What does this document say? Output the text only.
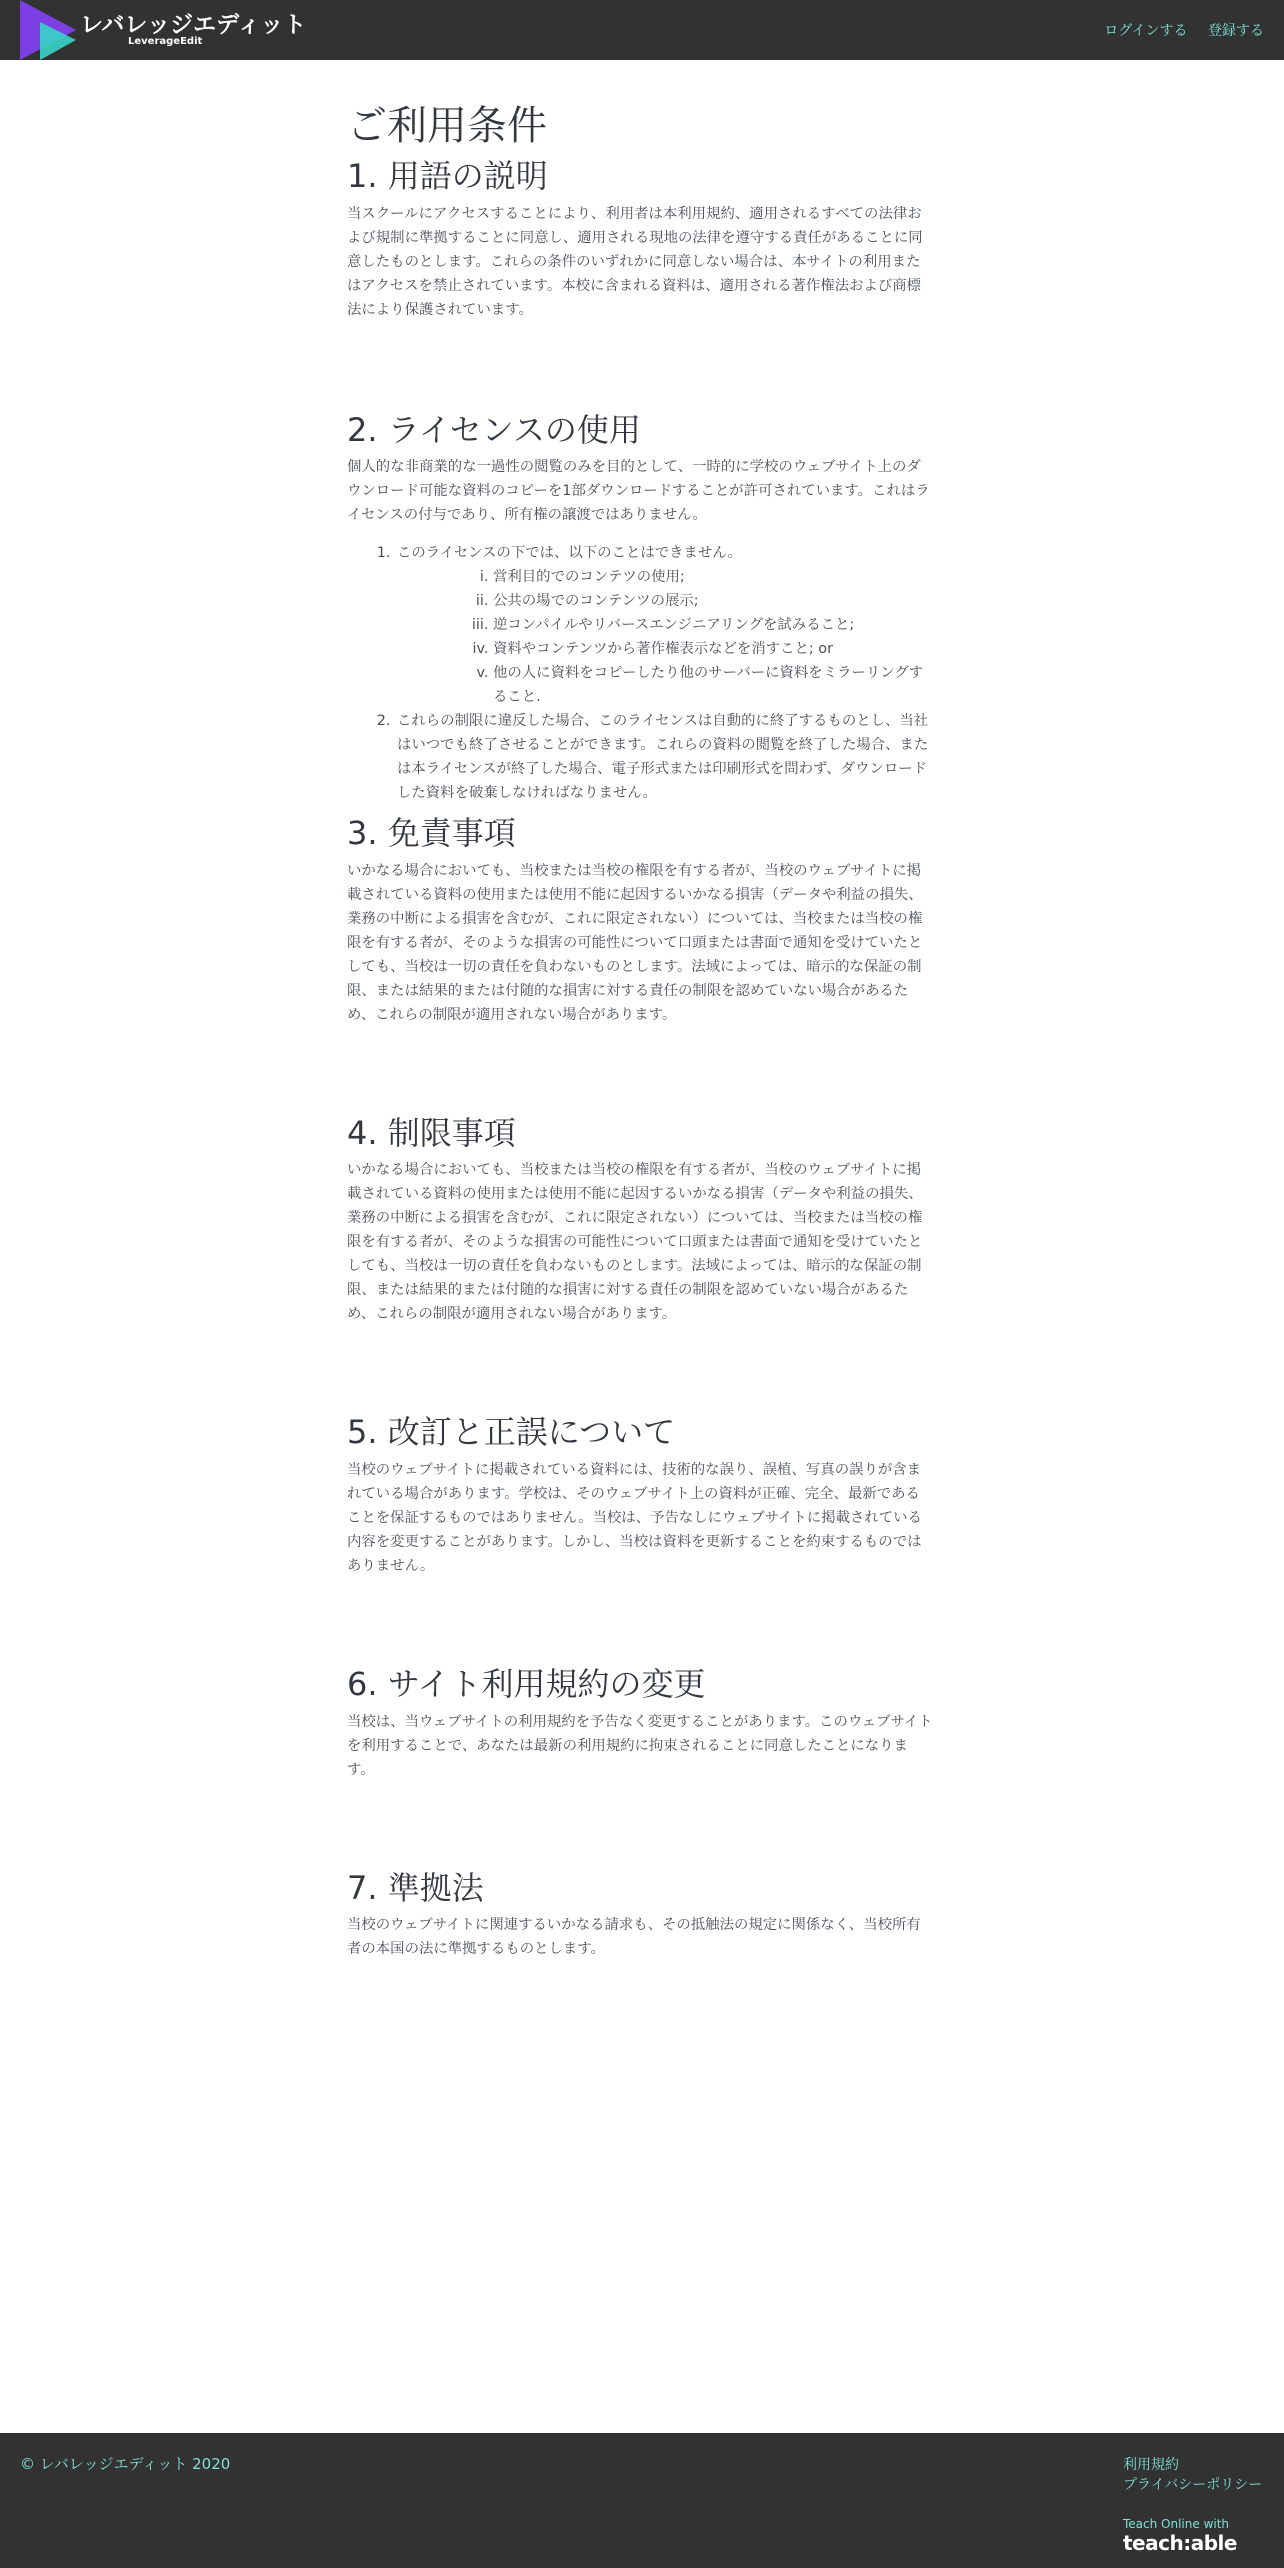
レバレッジエディット
LeverageEdit
ログインする 登録する
ご利用条件
1. 用語の説明

当スクールにアクセスすることにより、利用者は本利用規約、適用されるすべての法律および規制に準拠することに同意し、適用される現地の法律を遵守する責任があることに同意したものとします。これらの条件のいずれかに同意しない場合は、本サイトの利用またはアクセスを禁止されています。本校に含まれる資料は、適用される著作権法および商標法により保護されています。

2. ライセンスの使用

個人的な非商業的な一過性の閲覧のみを目的として、一時的に学校のウェブサイト上のダウンロード可能な資料のコピーを1部ダウンロードすることが許可されています。これはライセンスの付与であり、所有権の譲渡ではありません。

1. このライセンスの下では、以下のことはできません。
i. 営利目的でのコンテツの使用;
ii. 公共の場でのコンテンツの展示;
iii. 逆コンパイルやリバースエンジニアリングを試みること;
iv. 資料やコンテンツから著作権表示などを消すこと; or
v. 他の人に資料をコピーしたり他のサーバーに資料をミラーリングすること.
2. これらの制限に違反した場合、このライセンスは自動的に終了するものとし、当社はいつでも終了させることができます。これらの資料の閲覧を終了した場合、または本ライセンスが終了した場合、電子形式または印刷形式を問わず、ダウンロードした資料を破棄しなければなりません。
3. 免責事項

いかなる場合においても、当校または当校の権限を有する者が、当校のウェブサイトに掲載されている資料の使用または使用不能に起因するいかなる損害（データや利益の損失、業務の中断による損害を含むが、これに限定されない）については、当校または当校の権限を有する者が、そのような損害の可能性について口頭または書面で通知を受けていたとしても、当校は一切の責任を負わないものとします。法域によっては、暗示的な保証の制限、または結果的または付随的な損害に対する責任の制限を認めていない場合があるため、これらの制限が適用されない場合があります。

4. 制限事項

いかなる場合においても、当校または当校の権限を有する者が、当校のウェブサイトに掲載されている資料の使用または使用不能に起因するいかなる損害（データや利益の損失、業務の中断による損害を含むが、これに限定されない）については、当校または当校の権限を有する者が、そのような損害の可能性について口頭または書面で通知を受けていたとしても、当校は一切の責任を負わないものとします。法域によっては、暗示的な保証の制限、または結果的または付随的な損害に対する責任の制限を認めていない場合があるため、これらの制限が適用されない場合があります。

5. 改訂と正誤について

当校のウェブサイトに掲載されている資料には、技術的な誤り、誤植、写真の誤りが含まれている場合があります。学校は、そのウェブサイト上の資料が正確、完全、最新であることを保証するものではありません。当校は、予告なしにウェブサイトに掲載されている内容を変更することがあります。しかし、当校は資料を更新することを約束するものではありません。

6. サイト利用規約の変更

当校は、当ウェブサイトの利用規約を予告なく変更することがあります。このウェブサイトを利用することで、あなたは最新の利用規約に拘束されることに同意したことになります。

7. 準拠法

当校のウェブサイトに関連するいかなる請求も、その抵触法の規定に関係なく、当校所有者の本国の法に準拠するものとします。

© レバレッジエディット 2020	利用規約
プライバシーポリシー
Teach Online with
teach:able
